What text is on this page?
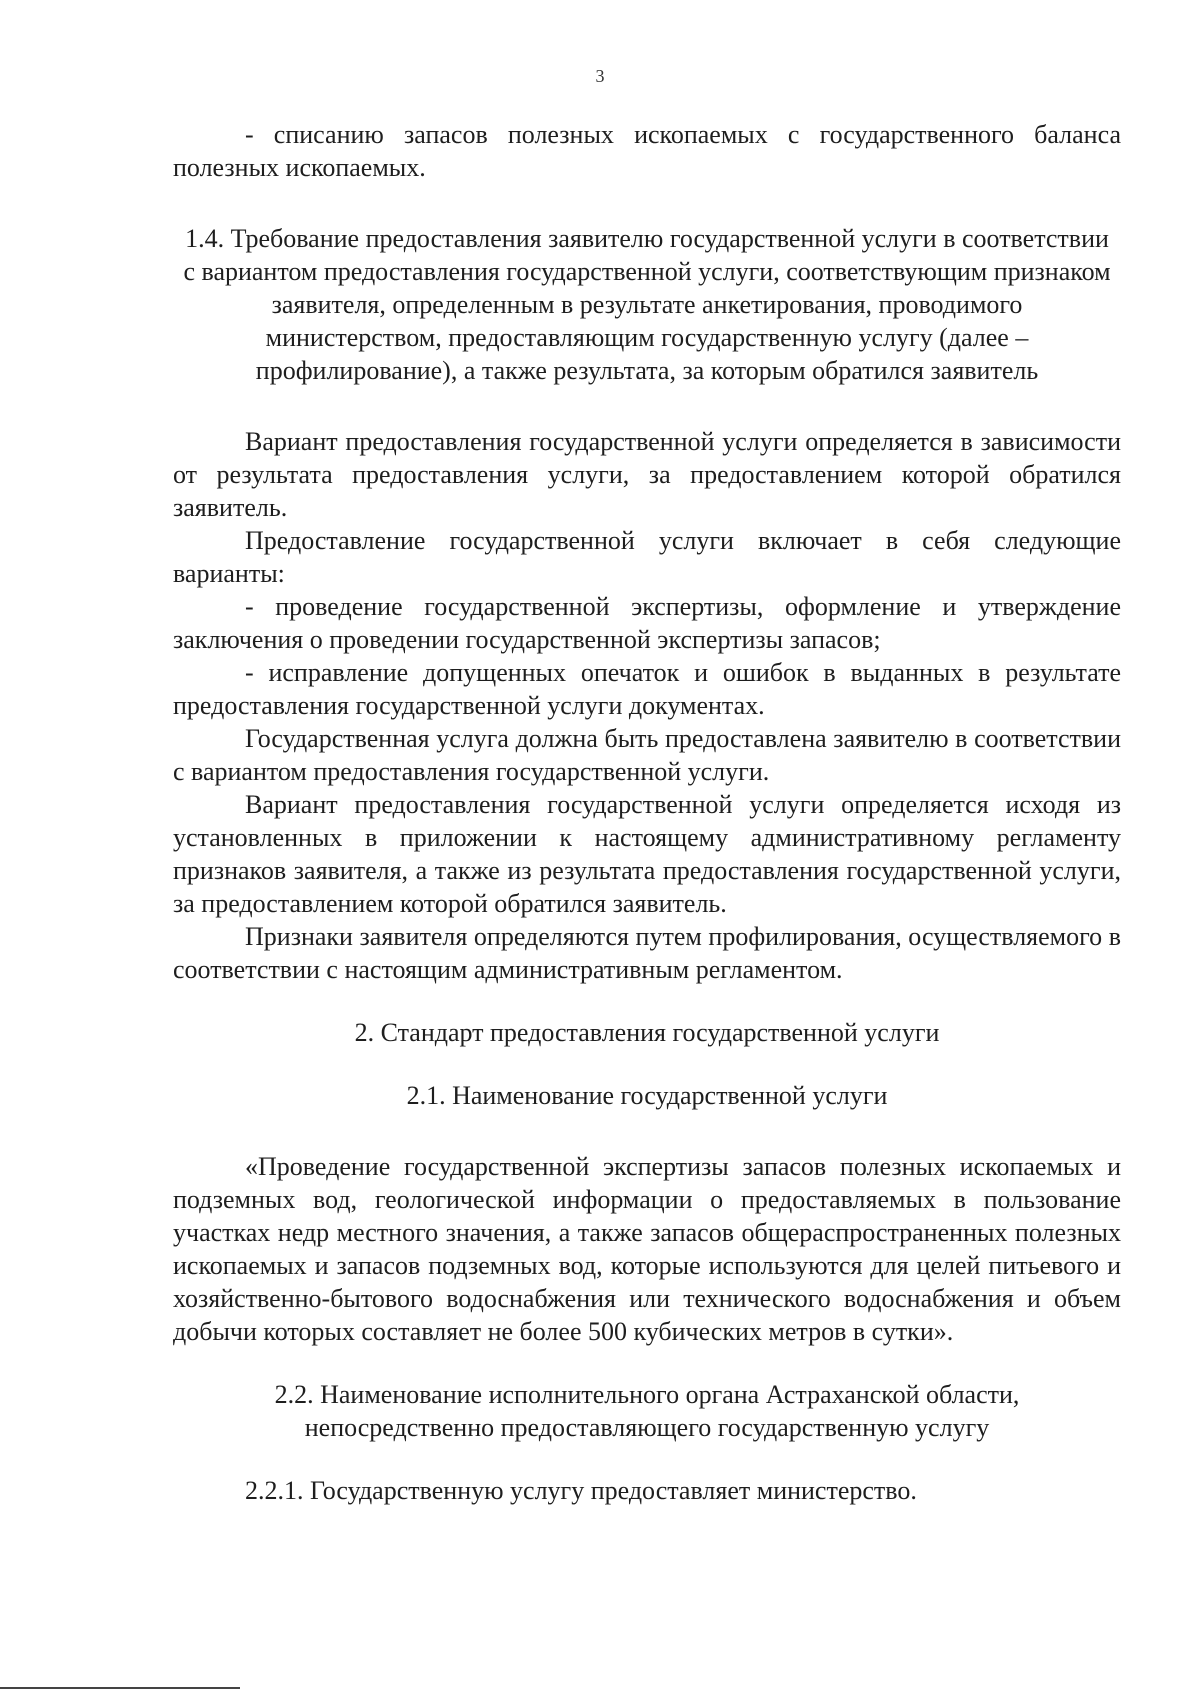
3

- списанию запасов полезных ископаемых с государственного баланса полезных ископаемых.

1.4. Требование предоставления заявителю государственной услуги в соответствии с вариантом предоставления государственной услуги, соответствующим признаком заявителя, определенным в результате анкетирования, проводимого министерством, предоставляющим государственную услугу (далее – профилирование), а также результата, за которым обратился заявитель

Вариант предоставления государственной услуги определяется в зависимости от результата предоставления услуги, за предоставлением которой обратился заявитель.

Предоставление государственной услуги включает в себя следующие варианты:

- проведение государственной экспертизы, оформление и утверждение заключения о проведении государственной экспертизы запасов;

- исправление допущенных опечаток и ошибок в выданных в результате предоставления государственной услуги документах.

Государственная услуга должна быть предоставлена заявителю в соответствии с вариантом предоставления государственной услуги.

Вариант предоставления государственной услуги определяется исходя из установленных в приложении к настоящему административному регламенту признаков заявителя, а также из результата предоставления государственной услуги, за предоставлением которой обратился заявитель.

Признаки заявителя определяются путем профилирования, осуществляемого в соответствии с настоящим административным регламентом.

2. Стандарт предоставления государственной услуги

2.1. Наименование государственной услуги

«Проведение государственной экспертизы запасов полезных ископаемых и подземных вод, геологической информации о предоставляемых в пользование участках недр местного значения, а также запасов общераспространенных полезных ископаемых и запасов подземных вод, которые используются для целей питьевого и хозяйственно-бытового водоснабжения или технического водоснабжения и объем добычи которых составляет не более 500 кубических метров в сутки».

2.2. Наименование исполнительного органа Астраханской области, непосредственно предоставляющего государственную услугу

2.2.1. Государственную услугу предоставляет министерство.
